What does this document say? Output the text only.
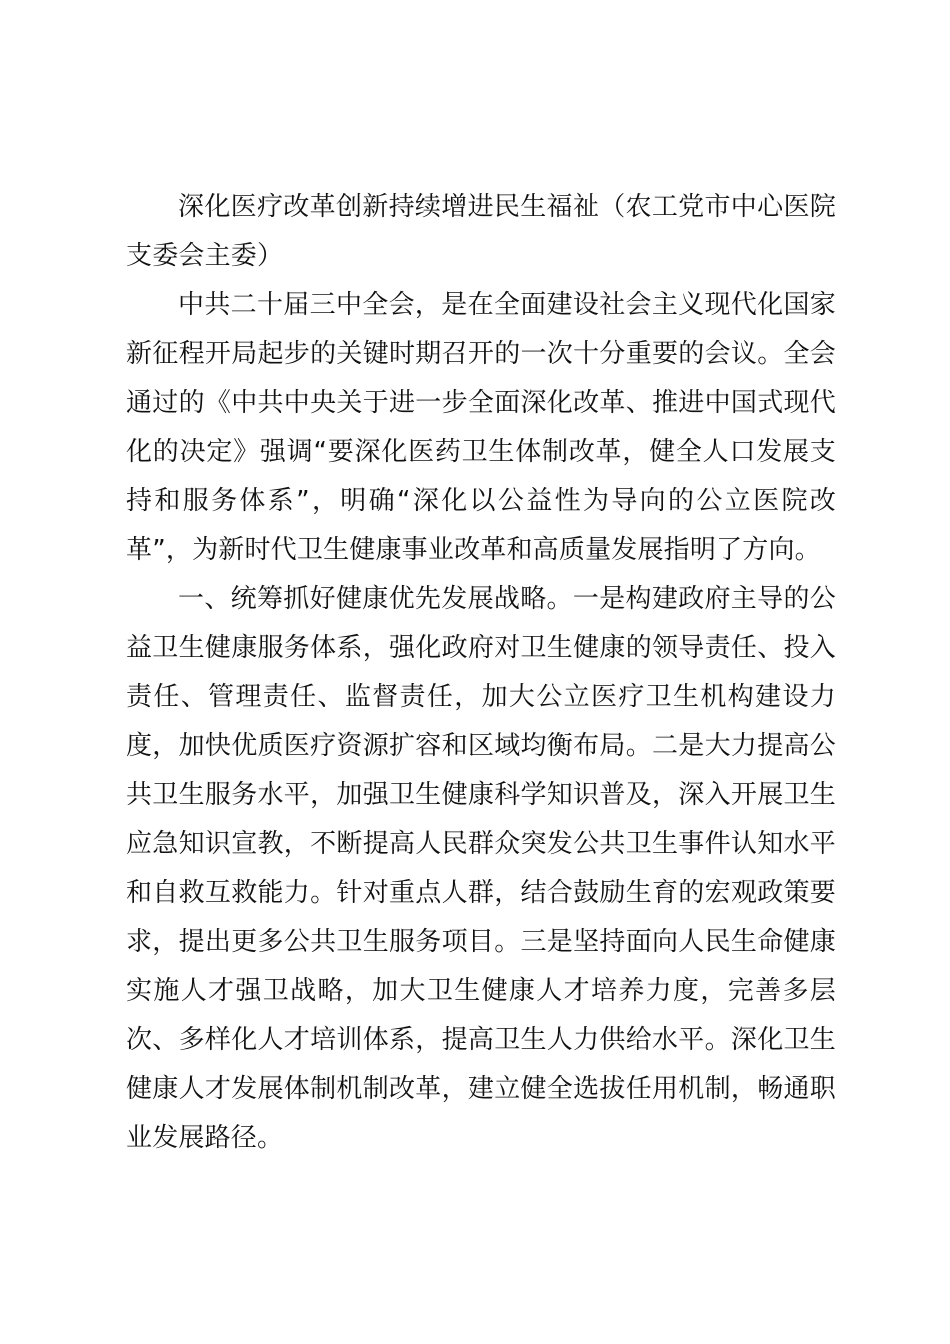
深化医疗改革创新持续增进民生福祉（农工党市中心医院支委会主委）

中共二十届三中全会，是在全面建设社会主义现代化国家新征程开局起步的关键时期召开的一次十分重要的会议。全会通过的《中共中央关于进一步全面深化改革、推进中国式现代化的决定》强调“要深化医药卫生体制改革，健全人口发展支持和服务体系”，明确“深化以公益性为导向的公立医院改革”，为新时代卫生健康事业改革和高质量发展指明了方向。

一、统筹抓好健康优先发展战略。一是构建政府主导的公益卫生健康服务体系，强化政府对卫生健康的领导责任、投入责任、管理责任、监督责任，加大公立医疗卫生机构建设力度，加快优质医疗资源扩容和区域均衡布局。二是大力提高公共卫生服务水平，加强卫生健康科学知识普及，深入开展卫生应急知识宣教，不断提高人民群众突发公共卫生事件认知水平和自救互救能力。针对重点人群，结合鼓励生育的宏观政策要求，提出更多公共卫生服务项目。三是坚持面向人民生命健康实施人才强卫战略，加大卫生健康人才培养力度，完善多层次、多样化人才培训体系，提高卫生人力供给水平。深化卫生健康人才发展体制机制改革，建立健全选拔任用机制，畅通职业发展路径。
